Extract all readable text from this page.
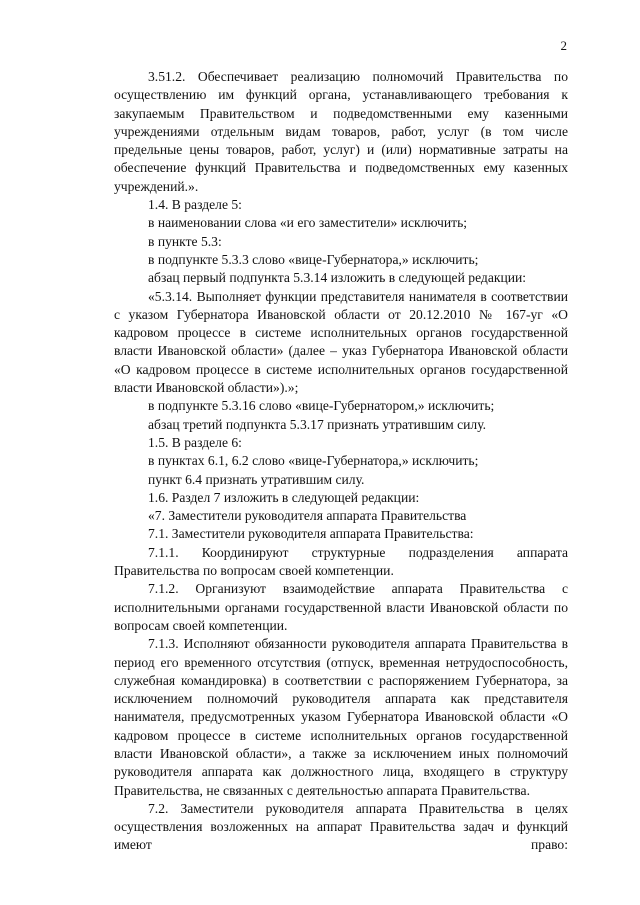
2

3.51.2. Обеспечивает реализацию полномочий Правительства по осуществлению им функций органа, устанавливающего требования к закупаемым Правительством и подведомственными ему казенными учреждениями отдельным видам товаров, работ, услуг (в том числе предельные цены товаров, работ, услуг) и (или) нормативные затраты на обеспечение функций Правительства и подведомственных ему казенных учреждений.».

1.4. В разделе 5:

в наименовании слова «и его заместители» исключить;

в пункте 5.3:

в подпункте 5.3.3 слово «вице-Губернатора,» исключить;

абзац первый подпункта 5.3.14 изложить в следующей редакции:

«5.3.14. Выполняет функции представителя нанимателя в соответствии с указом Губернатора Ивановской области от 20.12.2010 № 167-уг «О кадровом процессе в системе исполнительных органов государственной власти Ивановской области» (далее – указ Губернатора Ивановской области «О кадровом процессе в системе исполнительных органов государственной власти Ивановской области»).»;

в подпункте 5.3.16 слово «вице-Губернатором,» исключить;

абзац третий подпункта 5.3.17 признать утратившим силу.

1.5. В разделе 6:

в пунктах 6.1, 6.2 слово «вице-Губернатора,» исключить;

пункт 6.4 признать утратившим силу.

1.6. Раздел 7 изложить в следующей редакции:

«7. Заместители руководителя аппарата Правительства

7.1. Заместители руководителя аппарата Правительства:

7.1.1. Координируют структурные подразделения аппарата Правительства по вопросам своей компетенции.

7.1.2. Организуют взаимодействие аппарата Правительства с исполнительными органами государственной власти Ивановской области по вопросам своей компетенции.

7.1.3. Исполняют обязанности руководителя аппарата Правительства в период его временного отсутствия (отпуск, временная нетрудоспособность, служебная командировка) в соответствии с распоряжением Губернатора, за исключением полномочий руководителя аппарата как представителя нанимателя, предусмотренных указом Губернатора Ивановской области «О кадровом процессе в системе исполнительных органов государственной власти Ивановской области», а также за исключением иных полномочий руководителя аппарата как должностного лица, входящего в структуру Правительства, не связанных с деятельностью аппарата Правительства.

7.2. Заместители руководителя аппарата Правительства в целях осуществления возложенных на аппарат Правительства задач и функций имеют право:
